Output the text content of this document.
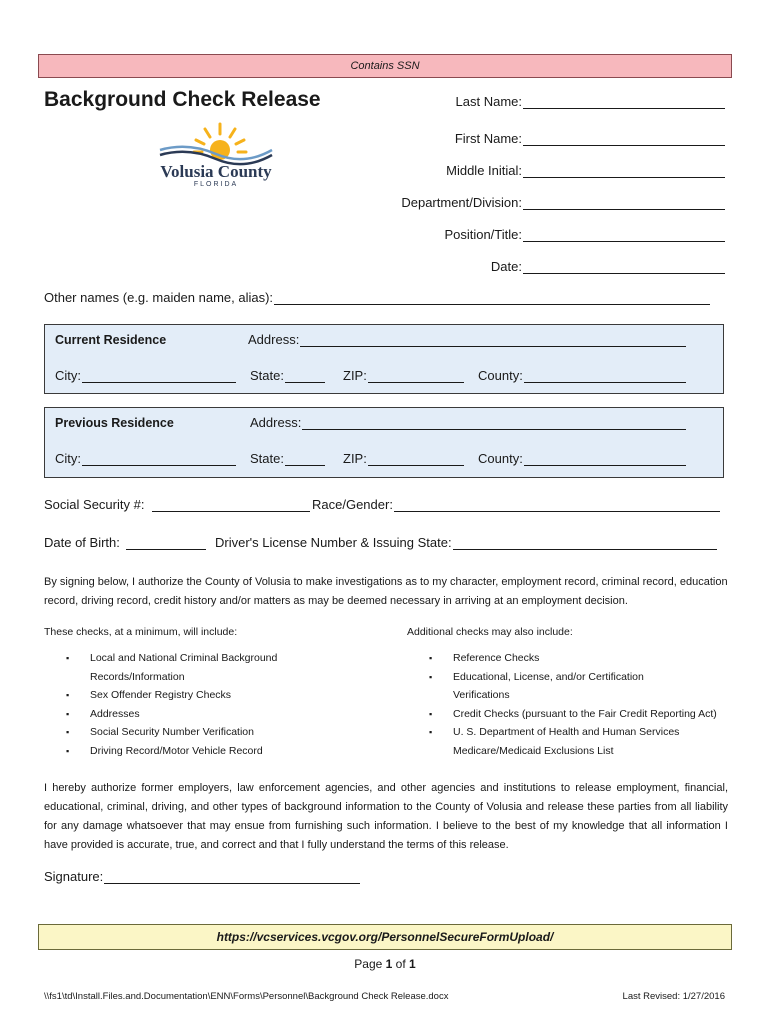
Contains SSN
Background Check Release
Volusia County
FLORIDA
Last Name:
First Name:
Middle Initial:
Department/Division:
Position/Title:
Date:
Other names (e.g. maiden name, alias):
Current Residence	Address:
City:	State:	ZIP:	County:
Previous Residence	Address:
City:	State:	ZIP:	County:
Social Security #:	Race/Gender:
Date of Birth:	Driver's License Number & Issuing State:
By signing below, I authorize the County of Volusia to make investigations as to my character, employment record, criminal record, education record, driving record, credit history and/or matters as may be deemed necessary in arriving at an employment decision.
These checks, at a minimum, will include:
▪ Local and National Criminal Background Records/Information
▪ Sex Offender Registry Checks
▪ Addresses
▪ Social Security Number Verification
▪ Driving Record/Motor Vehicle Record
Additional checks may also include:
▪ Reference Checks
▪ Educational, License, and/or Certification Verifications
▪ Credit Checks (pursuant to the Fair Credit Reporting Act)
▪ U. S. Department of Health and Human Services Medicare/Medicaid Exclusions List
I hereby authorize former employers, law enforcement agencies, and other agencies and institutions to release employment, financial, educational, criminal, driving, and other types of background information to the County of Volusia and release these parties from all liability for any damage whatsoever that may ensue from furnishing such information. I believe to the best of my knowledge that all information I have provided is accurate, true, and correct and that I fully understand the terms of this release.
Signature:
https://vcservices.vcgov.org/PersonnelSecureFormUpload/
Page 1 of 1
\\fs1\td\Install.Files.and.Documentation\ENN\Forms\Personnel\Background Check Release.docx	Last Revised: 1/27/2016
